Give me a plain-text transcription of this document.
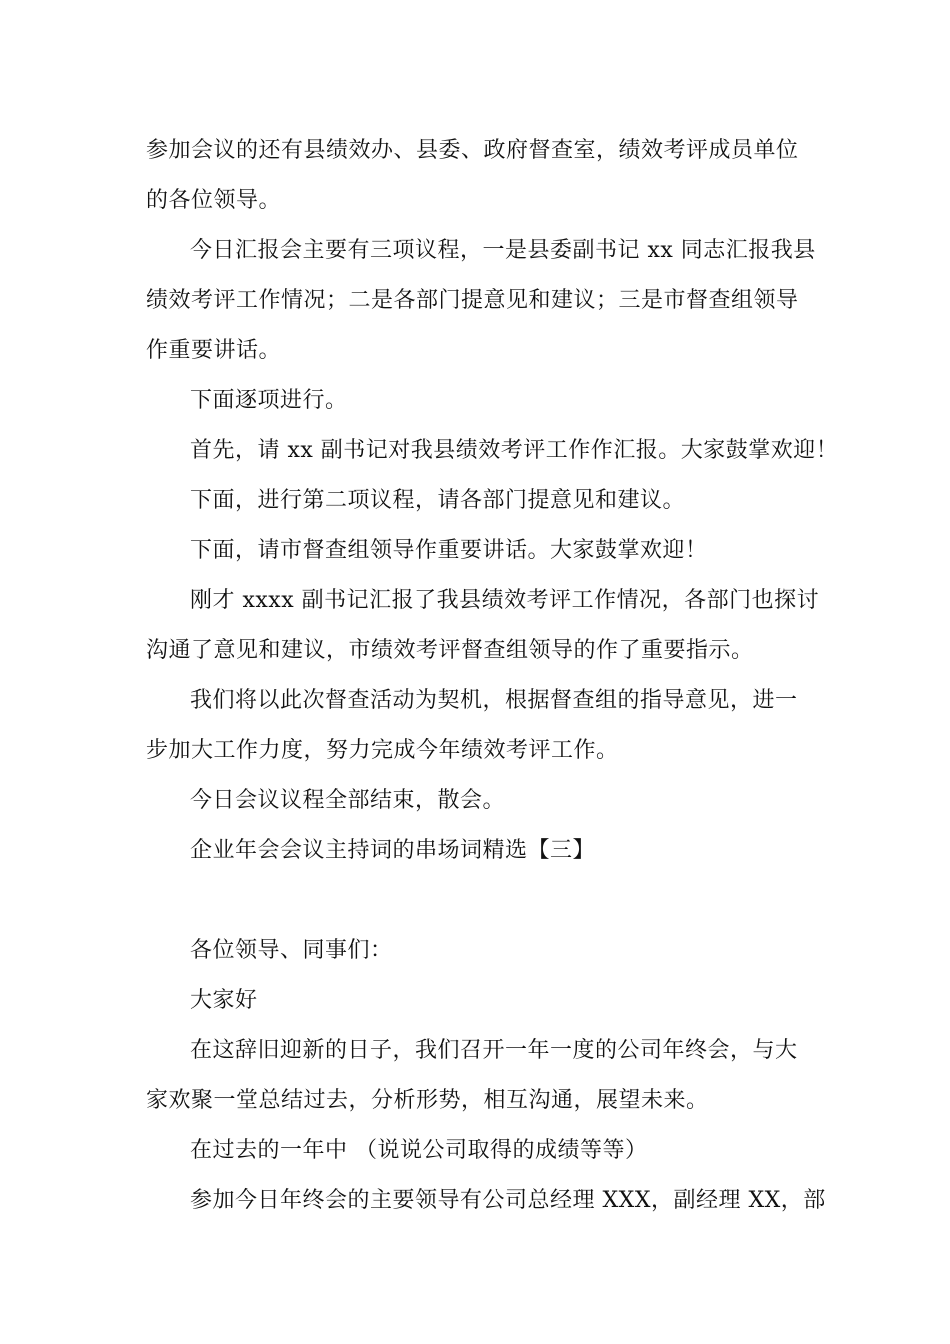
参加会议的还有县绩效办、县委、政府督查室，绩效考评成员单位
的各位领导。
今日汇报会主要有三项议程，一是县委副书记 xx 同志汇报我县
绩效考评工作情况；二是各部门提意见和建议；三是市督查组领导
作重要讲话。
下面逐项进行。
首先，请 xx 副书记对我县绩效考评工作作汇报。大家鼓掌欢迎！
下面，进行第二项议程，请各部门提意见和建议。
下面，请市督查组领导作重要讲话。大家鼓掌欢迎！
刚才 xxxx 副书记汇报了我县绩效考评工作情况，各部门也探讨
沟通了意见和建议，市绩效考评督查组领导的作了重要指示。
我们将以此次督查活动为契机，根据督查组的指导意见，进一
步加大工作力度，努力完成今年绩效考评工作。
今日会议议程全部结束，散会。
企业年会会议主持词的串场词精选【三】
各位领导、同事们：
大家好
在这辞旧迎新的日子，我们召开一年一度的公司年终会，与大
家欢聚一堂总结过去，分析形势，相互沟通，展望未来。
在过去的一年中 （说说公司取得的成绩等等）
参加今日年终会的主要领导有公司总经理 XXX，副经理 XX，部
